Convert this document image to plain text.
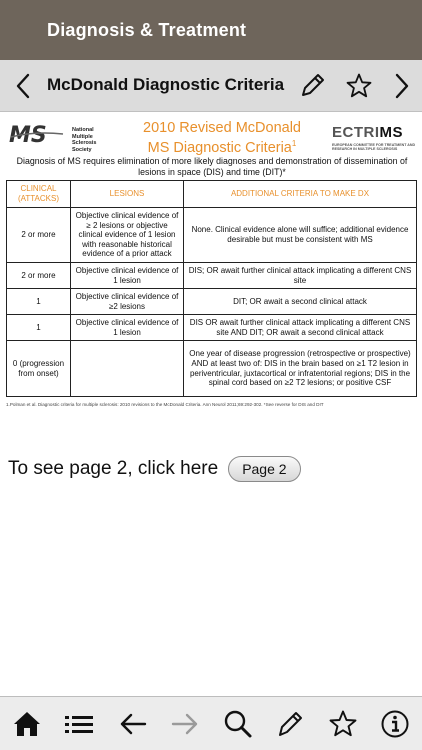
Diagnosis & Treatment
McDonald Diagnostic Criteria
MS	National Multiple Sclerosis Society
2010 Revised McDonald
MS Diagnostic Criteria$^1$
ECTRIMS
EUROPEAN COMMITTEE FOR TREATMENT AND RESEARCH IN MULTIPLE SCLEROSIS
Diagnosis of MS requires elimination of more likely diagnoses and demonstration of dissemination of lesions in space (DIS) and time (DIT)*
CLINICAL (ATTACKS)	LESIONS	ADDITIONAL CRITERIA TO MAKE DX
2 or more	Objective clinical evidence of ≥ 2 lesions or objective clinical evidence of 1 lesion with reasonable historical evidence of a prior attack	None. Clinical evidence alone will suffice; additional evidence desirable but must be consistent with MS
2 or more	Objective clinical evidence of 1 lesion	DIS; OR await further clinical attack implicating a different CNS site
1	Objective clinical evidence of ≥2 lesions	DIT; OR await a second clinical attack
1	Objective clinical evidence of 1 lesion	DIS OR await further clinical attack implicating a different CNS site AND DIT; OR await a second clinical attack
0 (progression from onset)		One year of disease progression (retrospective or prospective) AND at least two of: DIS in the brain based on ≥1 T2 lesion in periventricular, juxtacortical or infratentorial regions; DIS in the spinal cord based on ≥2 T2 lesions; or positive CSF
1.Polman et al. Diagnostic criteria for multiple sclerosis: 2010 revisions to the McDonald Criteria. Ann Neurol 2011;69:292-302. *See reverse for DIS and DIT
To see page 2, click here	Page 2
